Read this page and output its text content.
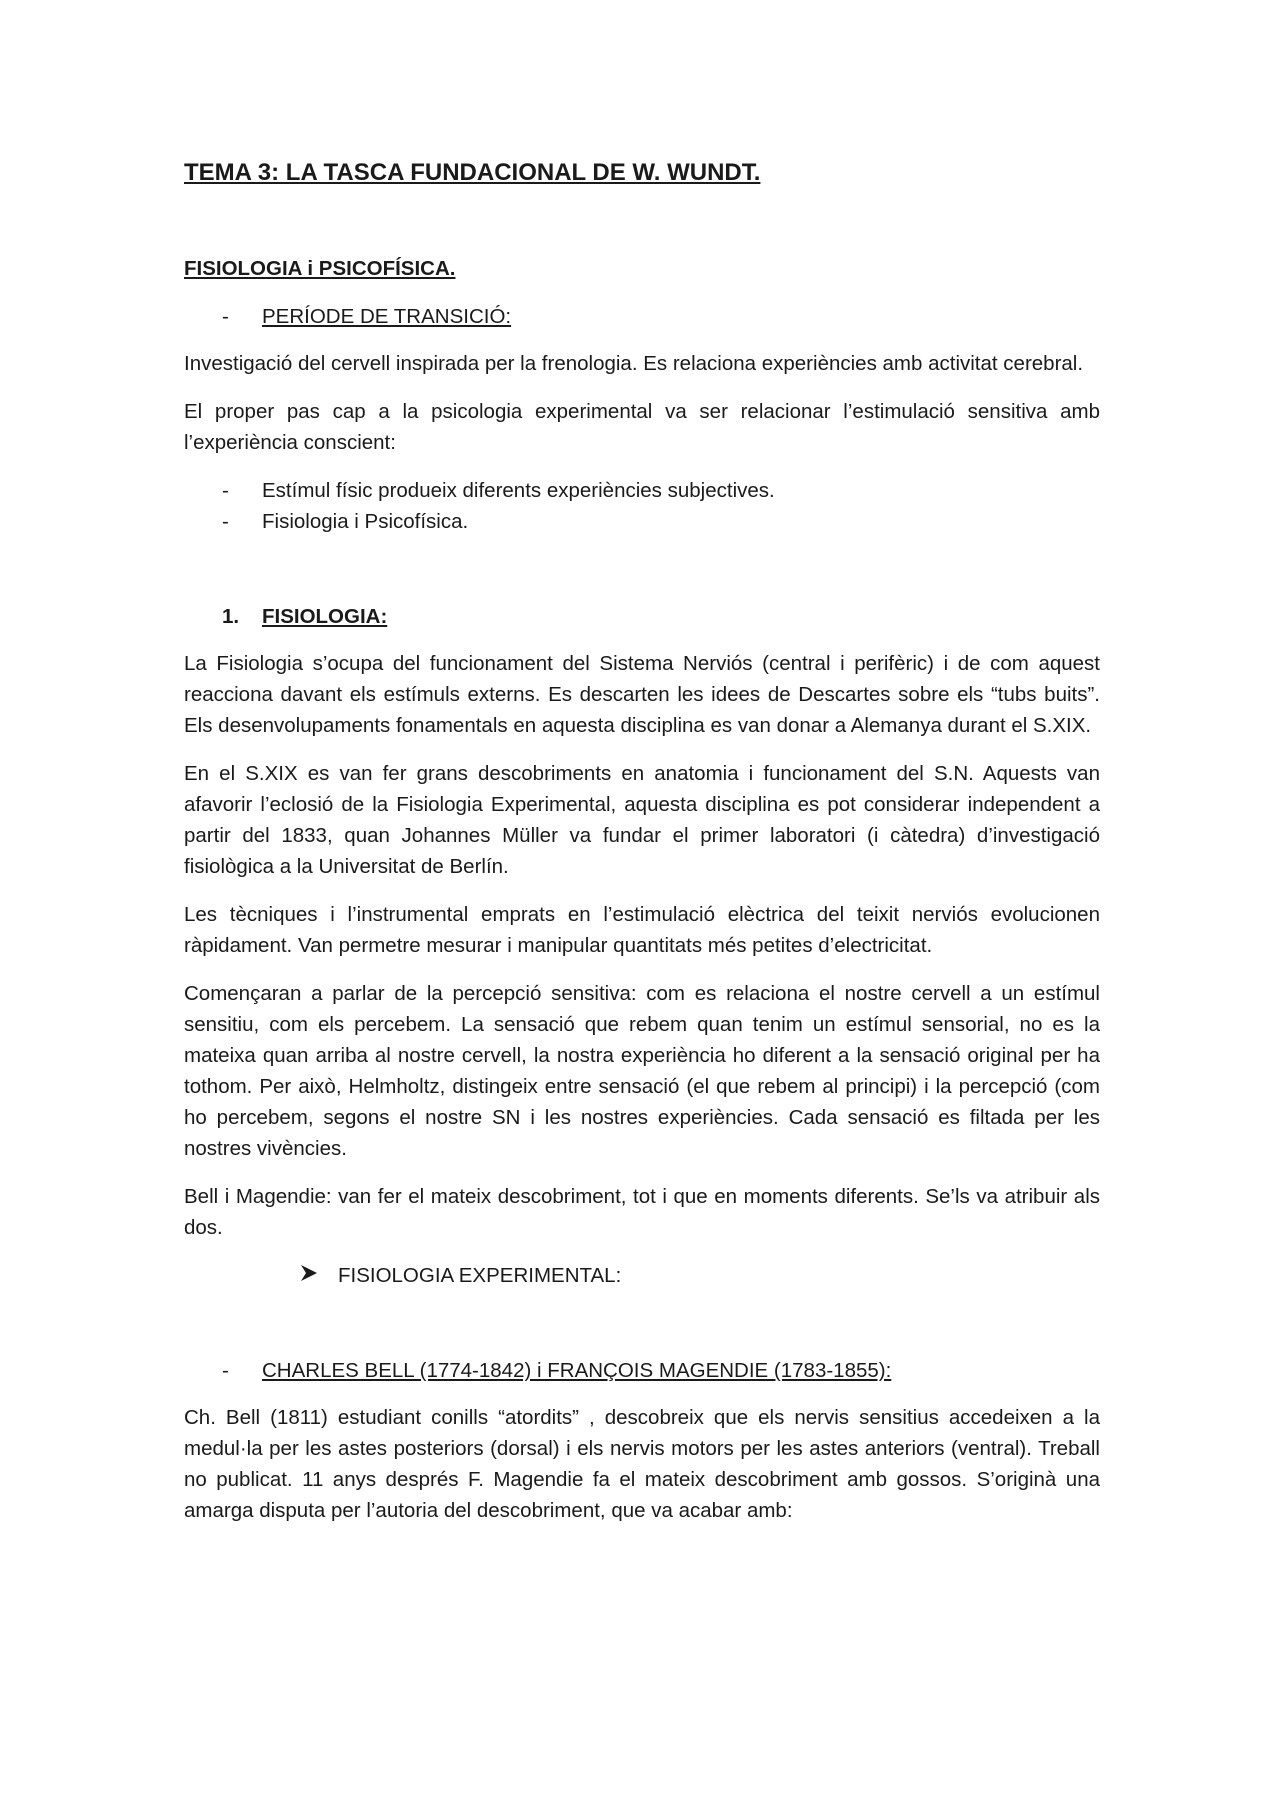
TEMA 3: LA TASCA FUNDACIONAL DE W. WUNDT.

FISIOLOGIA i PSICOFÍSICA.

-	PERÍODE DE TRANSICIÓ:

Investigació del cervell inspirada per la frenologia. Es relaciona experiències amb activitat cerebral.

El proper pas cap a la psicologia experimental va ser relacionar l’estimulació sensitiva amb l’experiència conscient:

-	Estímul físic produeix diferents experiències subjectives.
-	Fisiologia i Psicofísica.
1.	FISIOLOGIA:

La Fisiologia s’ocupa del funcionament del Sistema Nerviós (central i perifèric) i de com aquest reacciona davant els estímuls externs. Es descarten les idees de Descartes sobre els “tubs buits”. Els desenvolupaments fonamentals en aquesta disciplina es van donar a Alemanya durant el S.XIX.

En el S.XIX es van fer grans descobriments en anatomia i funcionament del S.N. Aquests van afavorir l’eclosió de la Fisiologia Experimental, aquesta disciplina es pot considerar independent a partir del 1833, quan Johannes Müller va fundar el primer laboratori (i càtedra) d’investigació fisiològica a la Universitat de Berlín.

Les tècniques i l’instrumental emprats en l’estimulació elèctrica del teixit nerviós evolucionen ràpidament. Van permetre mesurar i manipular quantitats més petites d’electricitat.

Començaran a parlar de la percepció sensitiva: com es relaciona el nostre cervell a un estímul sensitiu, com els percebem. La sensació que rebem quan tenim un estímul sensorial, no es la mateixa quan arriba al nostre cervell, la nostra experiència ho diferent a la sensació original per ha tothom. Per això, Helmholtz, distingeix entre sensació (el que rebem al principi) i la percepció (com ho percebem, segons el nostre SN i les nostres experiències. Cada sensació es filtada per les nostres vivències.

Bell i Magendie: van fer el mateix descobriment, tot i que en moments diferents. Se’ls va atribuir als dos.

FISIOLOGIA EXPERIMENTAL:
-	CHARLES BELL (1774-1842) i FRANÇOIS MAGENDIE (1783-1855):

Ch. Bell (1811) estudiant conills “atordits” , descobreix que els nervis sensitius accedeixen a la medul·la per les astes posteriors (dorsal) i els nervis motors per les astes anteriors (ventral). Treball no publicat. 11 anys després F. Magendie fa el mateix descobriment amb gossos. S’originà una amarga disputa per l’autoria del descobriment, que va acabar amb:
